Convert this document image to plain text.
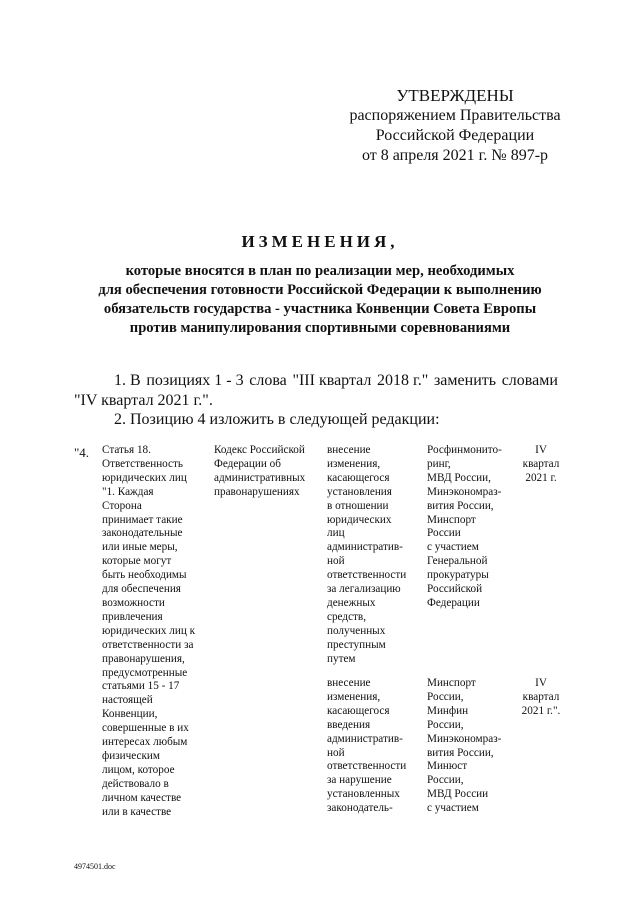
УТВЕРЖДЕНЫ
распоряжением Правительства
Российской Федерации
от 8 апреля 2021 г. № 897-р
ИЗМЕНЕНИЯ,
которые вносятся в план по реализации мер, необходимых
для обеспечения готовности Российской Федерации к выполнению
обязательств государства - участника Конвенции Совета Европы
против манипулирования спортивными соревнованиями
1. В позициях 1 - 3 слова "III квартал 2018 г." заменить словами
"IV квартал 2021 г.".
2. Позицию 4 изложить в следующей редакции:
"4. Статья 18.
Ответственность
юридических лиц
"1. Каждая
Сторона
принимает такие
законодательные
или иные меры,
которые могут
быть необходимы
для обеспечения
возможности
привлечения
юридических лиц к
ответственности за
правонарушения,
предусмотренные
статьями 15 - 17
настоящей
Конвенции,
совершенные в их
интересах любым
физическим
лицом, которое
действовало в
личном качестве
или в качестве
Кодекс Российской
Федерации об
административных
правонарушениях
внесение
изменения,
касающегося
установления
в отношении
юридических
лиц
административ-
ной
ответственности
за легализацию
денежных
средств,
полученных
преступным
путем
Росфинмонито-
ринг,
МВД России,
Минэкономраз-
вития России,
Минспорт
России
с участием
Генеральной
прокуратуры
Российской
Федерации
IV
квартал
2021 г.
внесение
изменения,
касающегося
введения
административ-
ной
ответственности
за нарушение
установленных
законодатель-
Минспорт
России,
Минфин
России,
Минэкономраз-
вития России,
Минюст
России,
МВД России
с участием
IV
квартал
2021 г.".
4974501.doc
